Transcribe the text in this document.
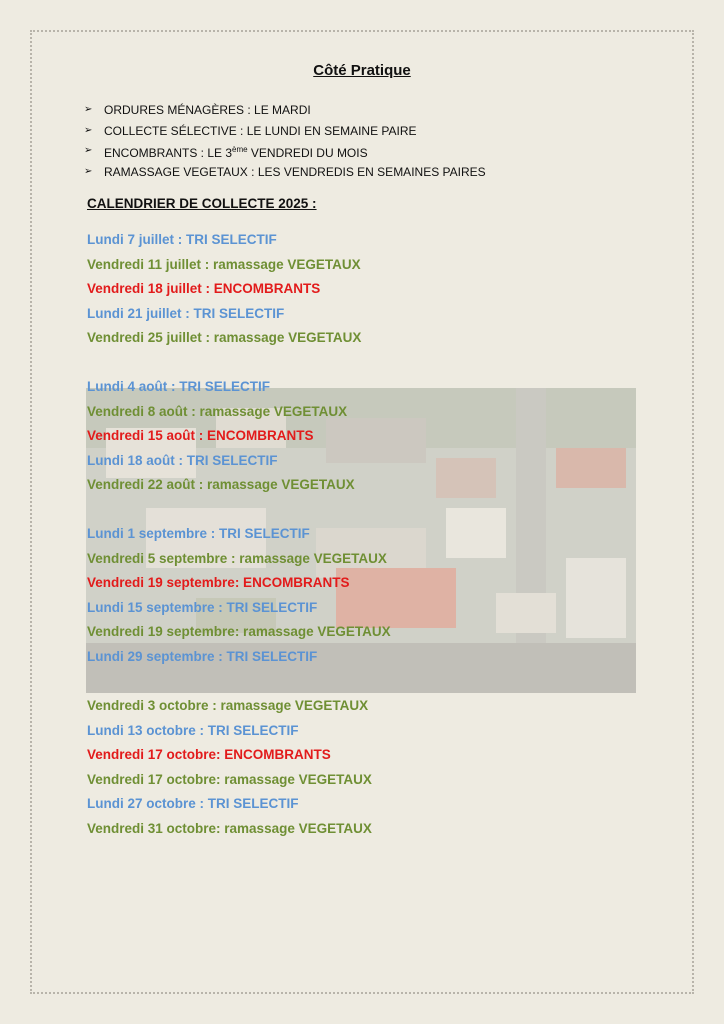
Côté Pratique
➢ ORDURES MÉNAGÈRES : LE MARDI
➢ COLLECTE SÉLECTIVE : LE LUNDI EN SEMAINE PAIRE
➢ ENCOMBRANTS : LE 3ème VENDREDI DU MOIS
➢ RAMASSAGE VEGETAUX : LES VENDREDIS EN SEMAINES PAIRES
CALENDRIER DE COLLECTE 2025 :
Lundi 7 juillet : TRI SELECTIF
Vendredi 11 juillet : ramassage VEGETAUX
Vendredi 18 juillet : ENCOMBRANTS
Lundi 21 juillet : TRI SELECTIF
Vendredi 25 juillet : ramassage VEGETAUX
Lundi 4 août : TRI SELECTIF
Vendredi 8 août : ramassage VEGETAUX
Vendredi 15 août : ENCOMBRANTS
Lundi 18 août : TRI SELECTIF
Vendredi 22 août : ramassage VEGETAUX
Lundi 1 septembre : TRI SELECTIF
Vendredi 5 septembre : ramassage VEGETAUX
Vendredi 19 septembre: ENCOMBRANTS
Lundi 15 septembre : TRI SELECTIF
Vendredi 19 septembre: ramassage VEGETAUX
Lundi 29 septembre : TRI SELECTIF
Vendredi 3 octobre : ramassage VEGETAUX
Lundi 13 octobre : TRI SELECTIF
Vendredi 17 octobre: ENCOMBRANTS
Vendredi 17 octobre: ramassage VEGETAUX
Lundi 27 octobre : TRI SELECTIF
Vendredi 31 octobre: ramassage VEGETAUX
